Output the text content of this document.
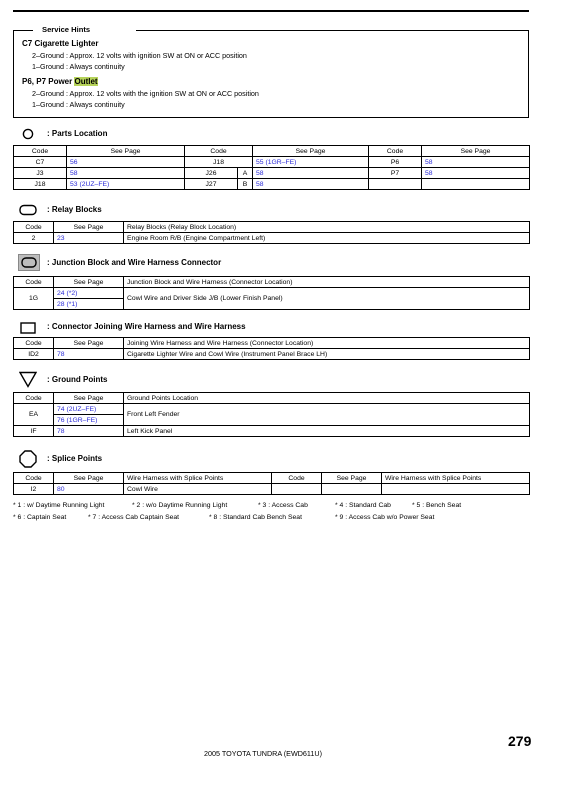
Service Hints
C7 Cigarette Lighter
2–Ground : Approx. 12 volts with ignition SW at ON or ACC position
1–Ground : Always continuity
P6, P7 Power Outlet
2–Ground : Approx. 12 volts with the ignition SW at ON or ACC position
1–Ground : Always continuity
: Parts Location
Code	See Page	Code		See Page	Code	See Page
C7	56	J18		55 (1GR–FE)	P6	58
J3	58	J26	A	58	P7	58
J18	53 (2UZ–FE)	J27	B	58		
: Relay Blocks
Code	See Page	Relay Blocks (Relay Block Location)
2	23	Engine Room R/B (Engine Compartment Left)
: Junction Block and Wire Harness Connector
Code	See Page	Junction Block and Wire Harness (Connector Location)
1G	24 (*2)	Cowl Wire and Driver Side J/B (Lower Finish Panel)
	28 (*1)	
: Connector Joining Wire Harness and Wire Harness
Code	See Page	Joining Wire Harness and Wire Harness (Connector Location)
ID2	78	Cigarette Lighter Wire and Cowl Wire (Instrument Panel Brace LH)
: Ground Points
Code	See Page	Ground Points Location
EA	74 (2UZ–FE)	Front Left Fender
	76 (1GR–FE)	
IF	78	Left Kick Panel
: Splice Points
Code	See Page	Wire Harness with Splice Points	Code	See Page	Wire Harness with Splice Points
I2	80	Cowl Wire			
* 1 : w/ Daytime Running Light	* 2 : w/o Daytime Running Light	* 3 : Access Cab	* 4 : Standard Cab	* 5 : Bench Seat
* 6 : Captain Seat	* 7 : Access Cab Captain Seat	* 8 : Standard Cab Bench Seat	* 9 : Access Cab w/o Power Seat
279
2005 TOYOTA TUNDRA (EWD611U)
